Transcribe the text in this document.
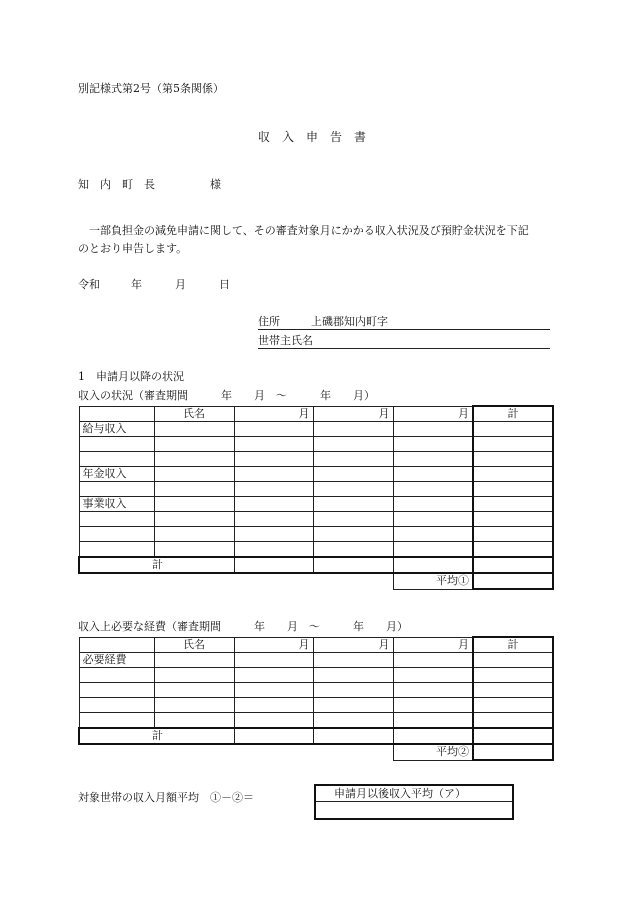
別記様式第2号（第5条関係）
収　入　申　告　書
知　内　町　長	様
　一部負担金の減免申請に関して、その審査対象月にかかる収入状況及び預貯金状況を下記
のとおり申告します。
令和	年	月	日
住所	上磯郡知内町字
世帯主氏名
1　申請月以降の状況
収入の状況（審査期間　　　年　　月　～　　　年　　月）
	氏名	月	月	月	計
給与収入					

年金収入					

事業収入					

計					
				平均①	
収入上必要な経費（審査期間　　　年　　月　～　　　年　　月）
	氏名	月	月	月	計
必要経費					

計					
				平均②	
対象世帯の収入月額平均　①－②＝	申請月以後収入平均（ア）
